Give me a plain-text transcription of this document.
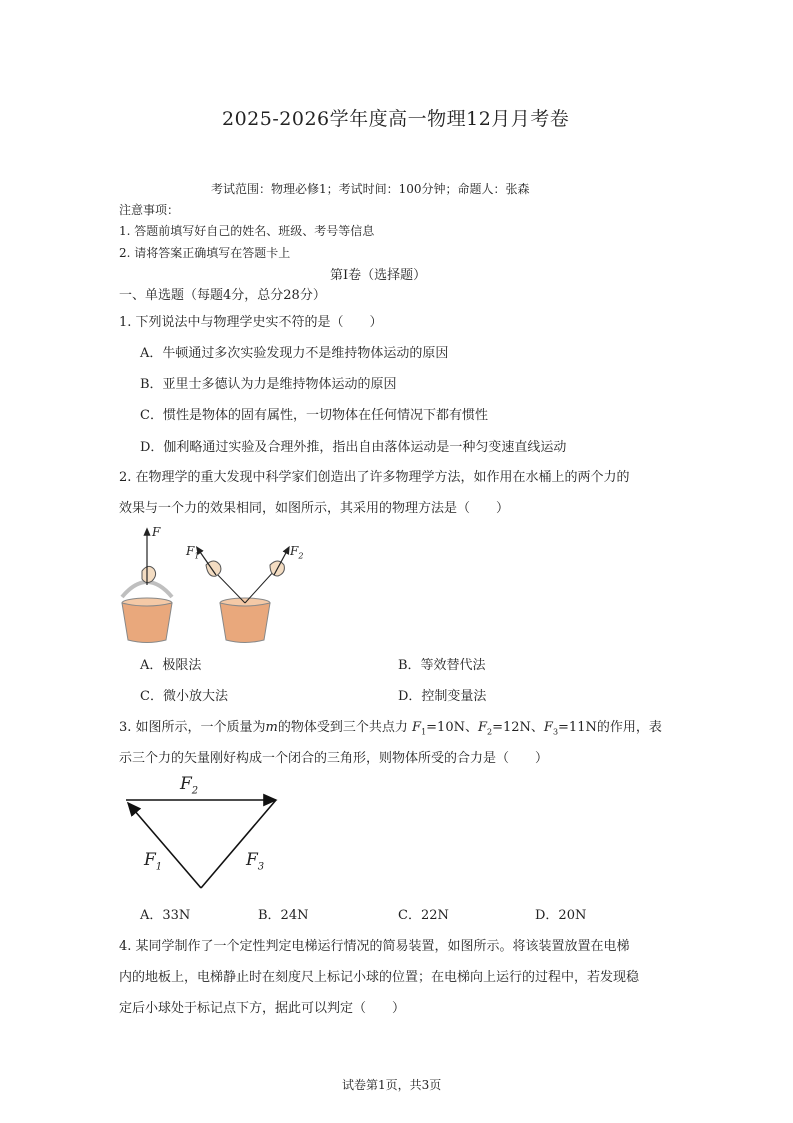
2025-2026学年度高一物理12月月考卷
考试范围：物理必修1；考试时间：100分钟；命题人：张森
注意事项：
1. 答题前填写好自己的姓名、班级、考号等信息
2. 请将答案正确填写在答题卡上
第I卷（选择题）
一、单选题（每题4分，总分28分）
1. 下列说法中与物理学史实不符的是（　　）
A．牛顿通过多次实验发现力不是维持物体运动的原因
B．亚里士多德认为力是维持物体运动的原因
C．惯性是物体的固有属性，一切物体在任何情况下都有惯性
D．伽利略通过实验及合理外推，指出自由落体运动是一种匀变速直线运动
2. 在物理学的重大发现中科学家们创造出了许多物理学方法，如作用在水桶上的两个力的
效果与一个力的效果相同，如图所示，其采用的物理方法是（　　）
F
$F_1$	$F_2$
A．极限法	B．等效替代法
C．微小放大法	D．控制变量法
3. 如图所示，一个质量为m的物体受到三个共点力 $F_1=10N$、$F_2=12N$、$F_3=11N$的作用，表
示三个力的矢量刚好构成一个闭合的三角形，则物体所受的合力是（　　）
$F_2$
$F_1$	$F_3$
A．33N	B．24N	C．22N	D．20N
4. 某同学制作了一个定性判定电梯运行情况的简易装置，如图所示。将该装置放置在电梯
内的地板上，电梯静止时在刻度尺上标记小球的位置；在电梯向上运行的过程中，若发现稳
定后小球处于标记点下方，据此可以判定（　　）
试卷第1页，共3页
